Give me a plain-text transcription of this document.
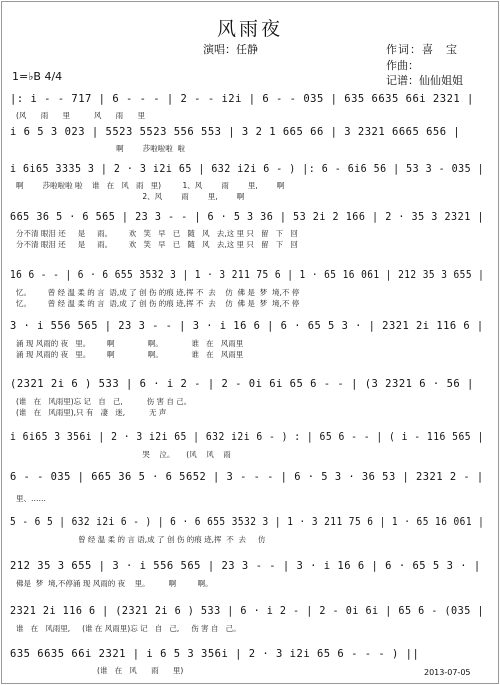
风雨夜
演唱：任静	作词：喜　宝
作曲：
记谱：仙仙姐姐
1=♭B 4/4
|: i - - 717 | 6 - - - | 2 - - i2i | 6 - - 035 | 635 6635 66i 2321 |
(风      雨      里          风      雨      里
i 6 5 3 023 | 5523 5523 556 553 | 3 2 1 665 66 | 3 2321 6665 656 |
啊        莎啦啦啦  啦
i 6i65 3335 3 | 2 · 3 i2i 65 | 632 i2i 6 - ) |: 6 - 6i6 56 | 53 3 - 035 |
啊        莎啦啦啦 啦    谁   在   风   雨   里)         1、风        雨        里,        啊
2、风        雨        里,        啊
665 36 5 · 6 565 | 23 3 - - | 6 · 5 3 36 | 53 2i 2 166 | 2 · 35 3 2321 |
分不清 眼泪 还     是     雨。       欢   笑   早   已   随   风   去,这 里 只   留   下   回
分不清 眼泪 还     是     雨。       欢   笑   早   已   随   风   去,这 里 只   留   下   回
16 6 - - | 6 · 6 655 3532 3 | 1 · 3 211 75 6 | 1 · 65 16 061 | 212 35 3 655 |
忆。       曾 经 温 柔 的 言  语,成 了 创 伤 的痕 迹,挥 不  去    仿  佛 是  梦  境,不 停
忆。       曾 经 温 柔 的 言  语,成 了 创 伤 的痕 迹,挥 不  去    仿  佛 是  梦  境,不 停
3 · i 556 565 | 23 3 - - | 3 · i 16 6 | 6 · 65 5 3 · | 2321 2i 116 6 |
涌 现 风雨的 夜   里。       啊              啊。            谁   在   风雨里
涌 现 风雨的 夜   里。       啊              啊。            谁   在   风雨里
(2321 2i 6 ) 533 | 6 · i 2 - | 2 - 0i 6i 65 6 - - | (3 2321 6 · 56 |
(谁   在   风雨里)忘 记   自   己,          伤 害 自 己。
(谁   在   风雨里),只 有   凄   迷,          无 声
i 6i65 3 356i | 2 · 3 i2i 65 | 632 i2i 6 - ) : | 65 6 - - | ( i - 116 565 |
哭    泣。     (风    风    雨
6 - - 035 | 665 36 5 · 6 5652 | 3 - - - | 6 · 5 3 · 36 53 | 2321 2 - |
里、……
5 - 6 5 | 632 i2i 6 - ) | 6 · 6 655 3532 3 | 1 · 3 211 75 6 | 1 · 65 16 061 |
曾 经 温 柔 的 言 语,成 了 创 伤 的痕 迹,挥  不  去     仿
212 35 3 655 | 3 · i 556 565 | 23 3 - - | 3 · i 16 6 | 6 · 65 5 3 · |
佛是  梦  境,不停涌 现 风雨的 夜    里。        啊         啊。
2321 2i 116 6 | (2321 2i 6 ) 533 | 6 · i 2 - | 2 - 0i 6i | 65 6 - (035 |
谁   在   风雨里,     (谁 在 风雨里)忘 记   自   己,     伤 害 自   己。
635 6635 66i 2321 | i 6 5 3 356i | 2 · 3 i2i 65 6 - - - ) ||
(谁   在   风      雨      里)	2013-07-05
